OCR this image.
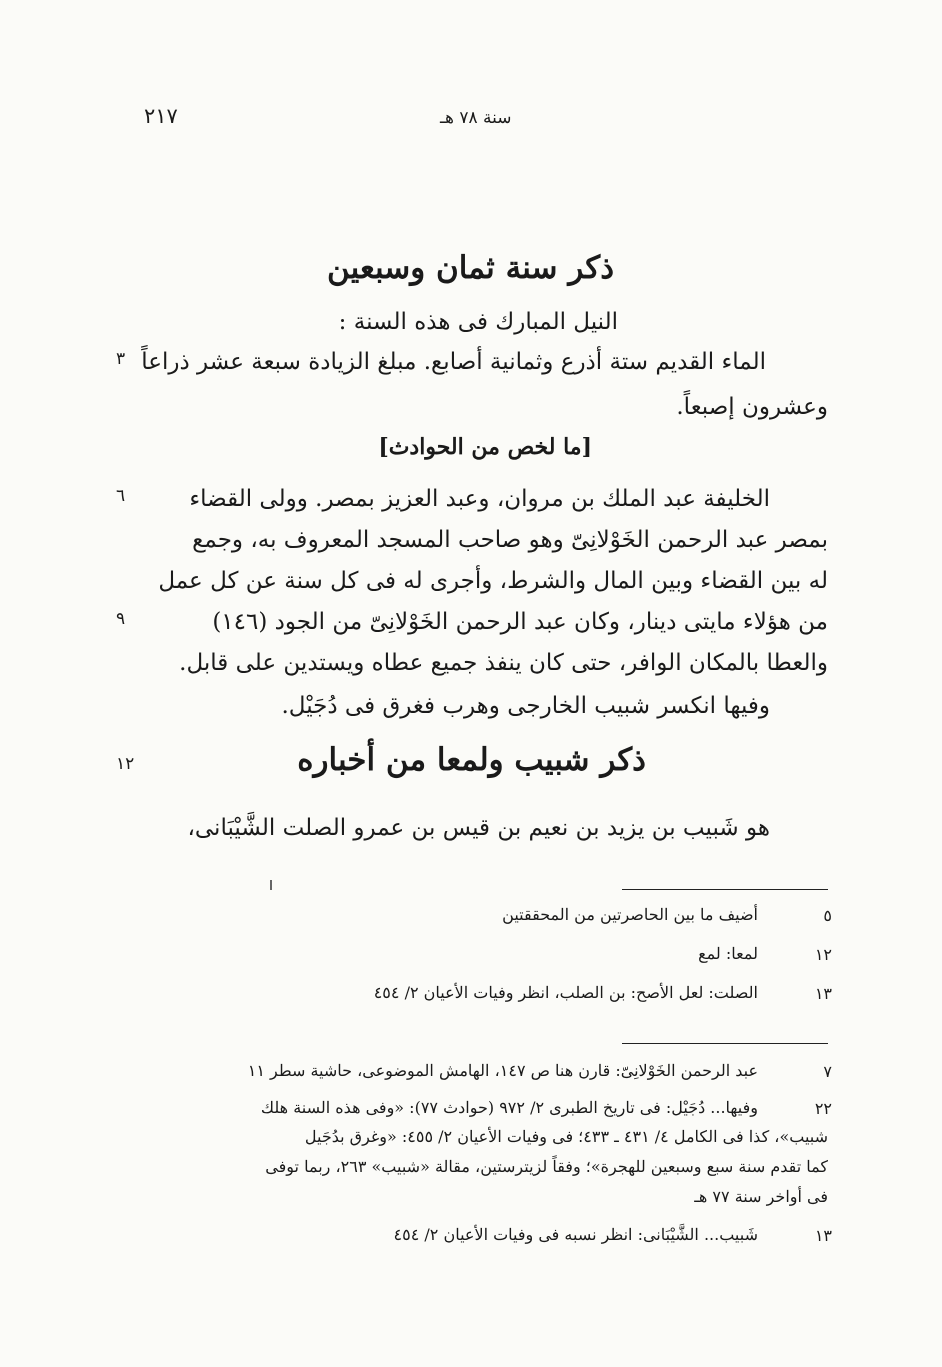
٢١٧	سنة ٧٨ هـ
ذكر سنة ثمان وسبعين
النيل المبارك فى هذه السنة :
الماء القديم ستة أذرع وثمانية أصابع. مبلغ الزيادة سبعة عشر ذراعاً
وعشرون إصبعاً.
[ما لخص من الحوادث]
الخليفة عبد الملك بن مروان، وعبد العزيز بمصر. وولى القضاء
بمصر عبد الرحمن الخَوْلانِىّ وهو صاحب المسجد المعروف به، وجمع
له بين القضاء وبين المال والشرط، وأجرى له فى كل سنة عن كل عمل
من هؤلاء مايتى دينار، وكان عبد الرحمن الخَوْلانِىّ من الجود (١٤٦)
والعطا بالمكان الوافر، حتى كان ينفذ جميع عطاه ويستدين على قابل.
وفيها انكسر شبيب الخارجى وهرب فغرق فى دُجَيْل.
ذكر شبيب ولمعا من أخباره
هو شَبيب بن يزيد بن نعيم بن قيس بن عمرو الصلت الشَّيْبَانى،
٣
٦
٩
١٢
٥
أضيف ما بين الحاصرتين من المحققتين
١٢
لمعا: لمع
١٣
الصلت: لعل الأصح: بن الصلب، انظر وفيات الأعيان ٢/ ٤٥٤
٧
عبد الرحمن الخَوْلانِىّ: قارن هنا ص ١٤٧، الهامش الموضوعى، حاشية سطر ١١
٢٢
وفيها... دُجَيْل: فى تاريخ الطبرى ٢/ ٩٧٢ (حوادث ٧٧): «وفى هذه السنة هلك
شبيب»، كذا فى الكامل ٤/ ٤٣١ ـ ٤٣٣؛ فى وفيات الأعيان ٢/ ٤٥٥: «وغرق بدُجَيل
كما تقدم سنة سبع وسبعين للهجرة»؛ وفقاً لزيترستين، مقالة «شبيب» ٢٦٣، ربما توفى
فى أواخر سنة ٧٧ هـ
١٣
شَبيب... الشَّيْبَانى: انظر نسبه فى وفيات الأعيان ٢/ ٤٥٤
